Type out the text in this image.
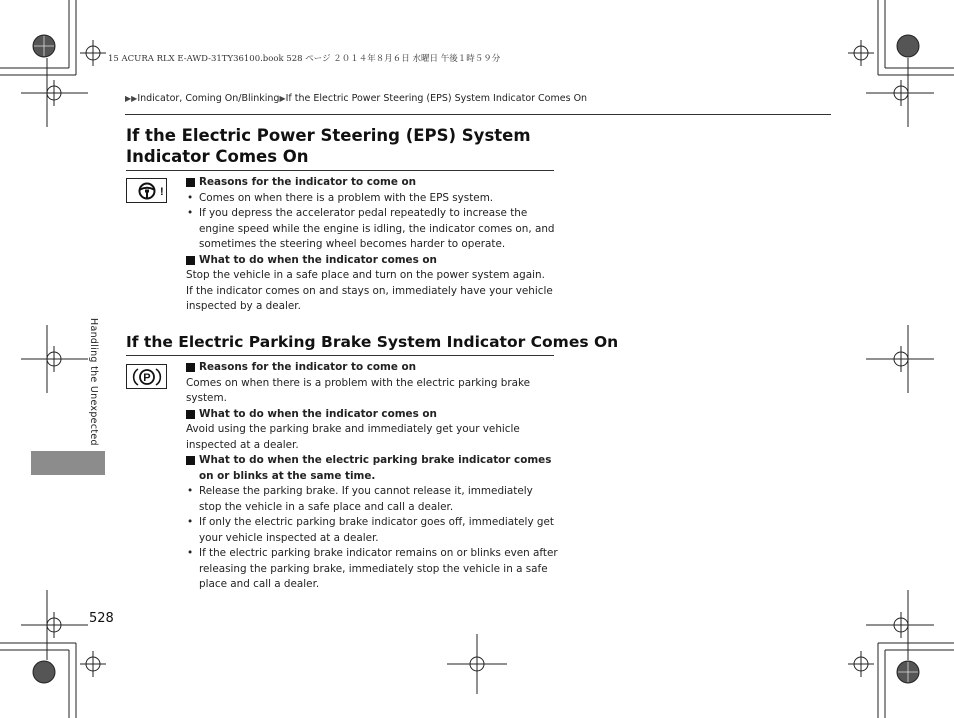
15 ACURA RLX E-AWD-31TY36100.book 528 ページ ２０１４年８月６日 水曜日 午後１時５９分
▶▶Indicator, Coming On/Blinking▶If the Electric Power Steering (EPS) System Indicator Comes On
If the Electric Power Steering (EPS) System Indicator Comes On
!
Reasons for the indicator to come on
• Comes on when there is a problem with the EPS system.
• If you depress the accelerator pedal repeatedly to increase the engine speed while the engine is idling, the indicator comes on, and sometimes the steering wheel becomes harder to operate.
What to do when the indicator comes on
Stop the vehicle in a safe place and turn on the power system again.
If the indicator comes on and stays on, immediately have your vehicle inspected by a dealer.
If the Electric Parking Brake System Indicator Comes On
P
Reasons for the indicator to come on
Comes on when there is a problem with the electric parking brake system.
What to do when the indicator comes on
Avoid using the parking brake and immediately get your vehicle inspected at a dealer.
What to do when the electric parking brake indicator comes on or blinks at the same time.
• Release the parking brake. If you cannot release it, immediately stop the vehicle in a safe place and call a dealer.
• If only the electric parking brake indicator goes off, immediately get your vehicle inspected at a dealer.
• If the electric parking brake indicator remains on or blinks even after releasing the parking brake, immediately stop the vehicle in a safe place and call a dealer.
Handling the Unexpected
528
